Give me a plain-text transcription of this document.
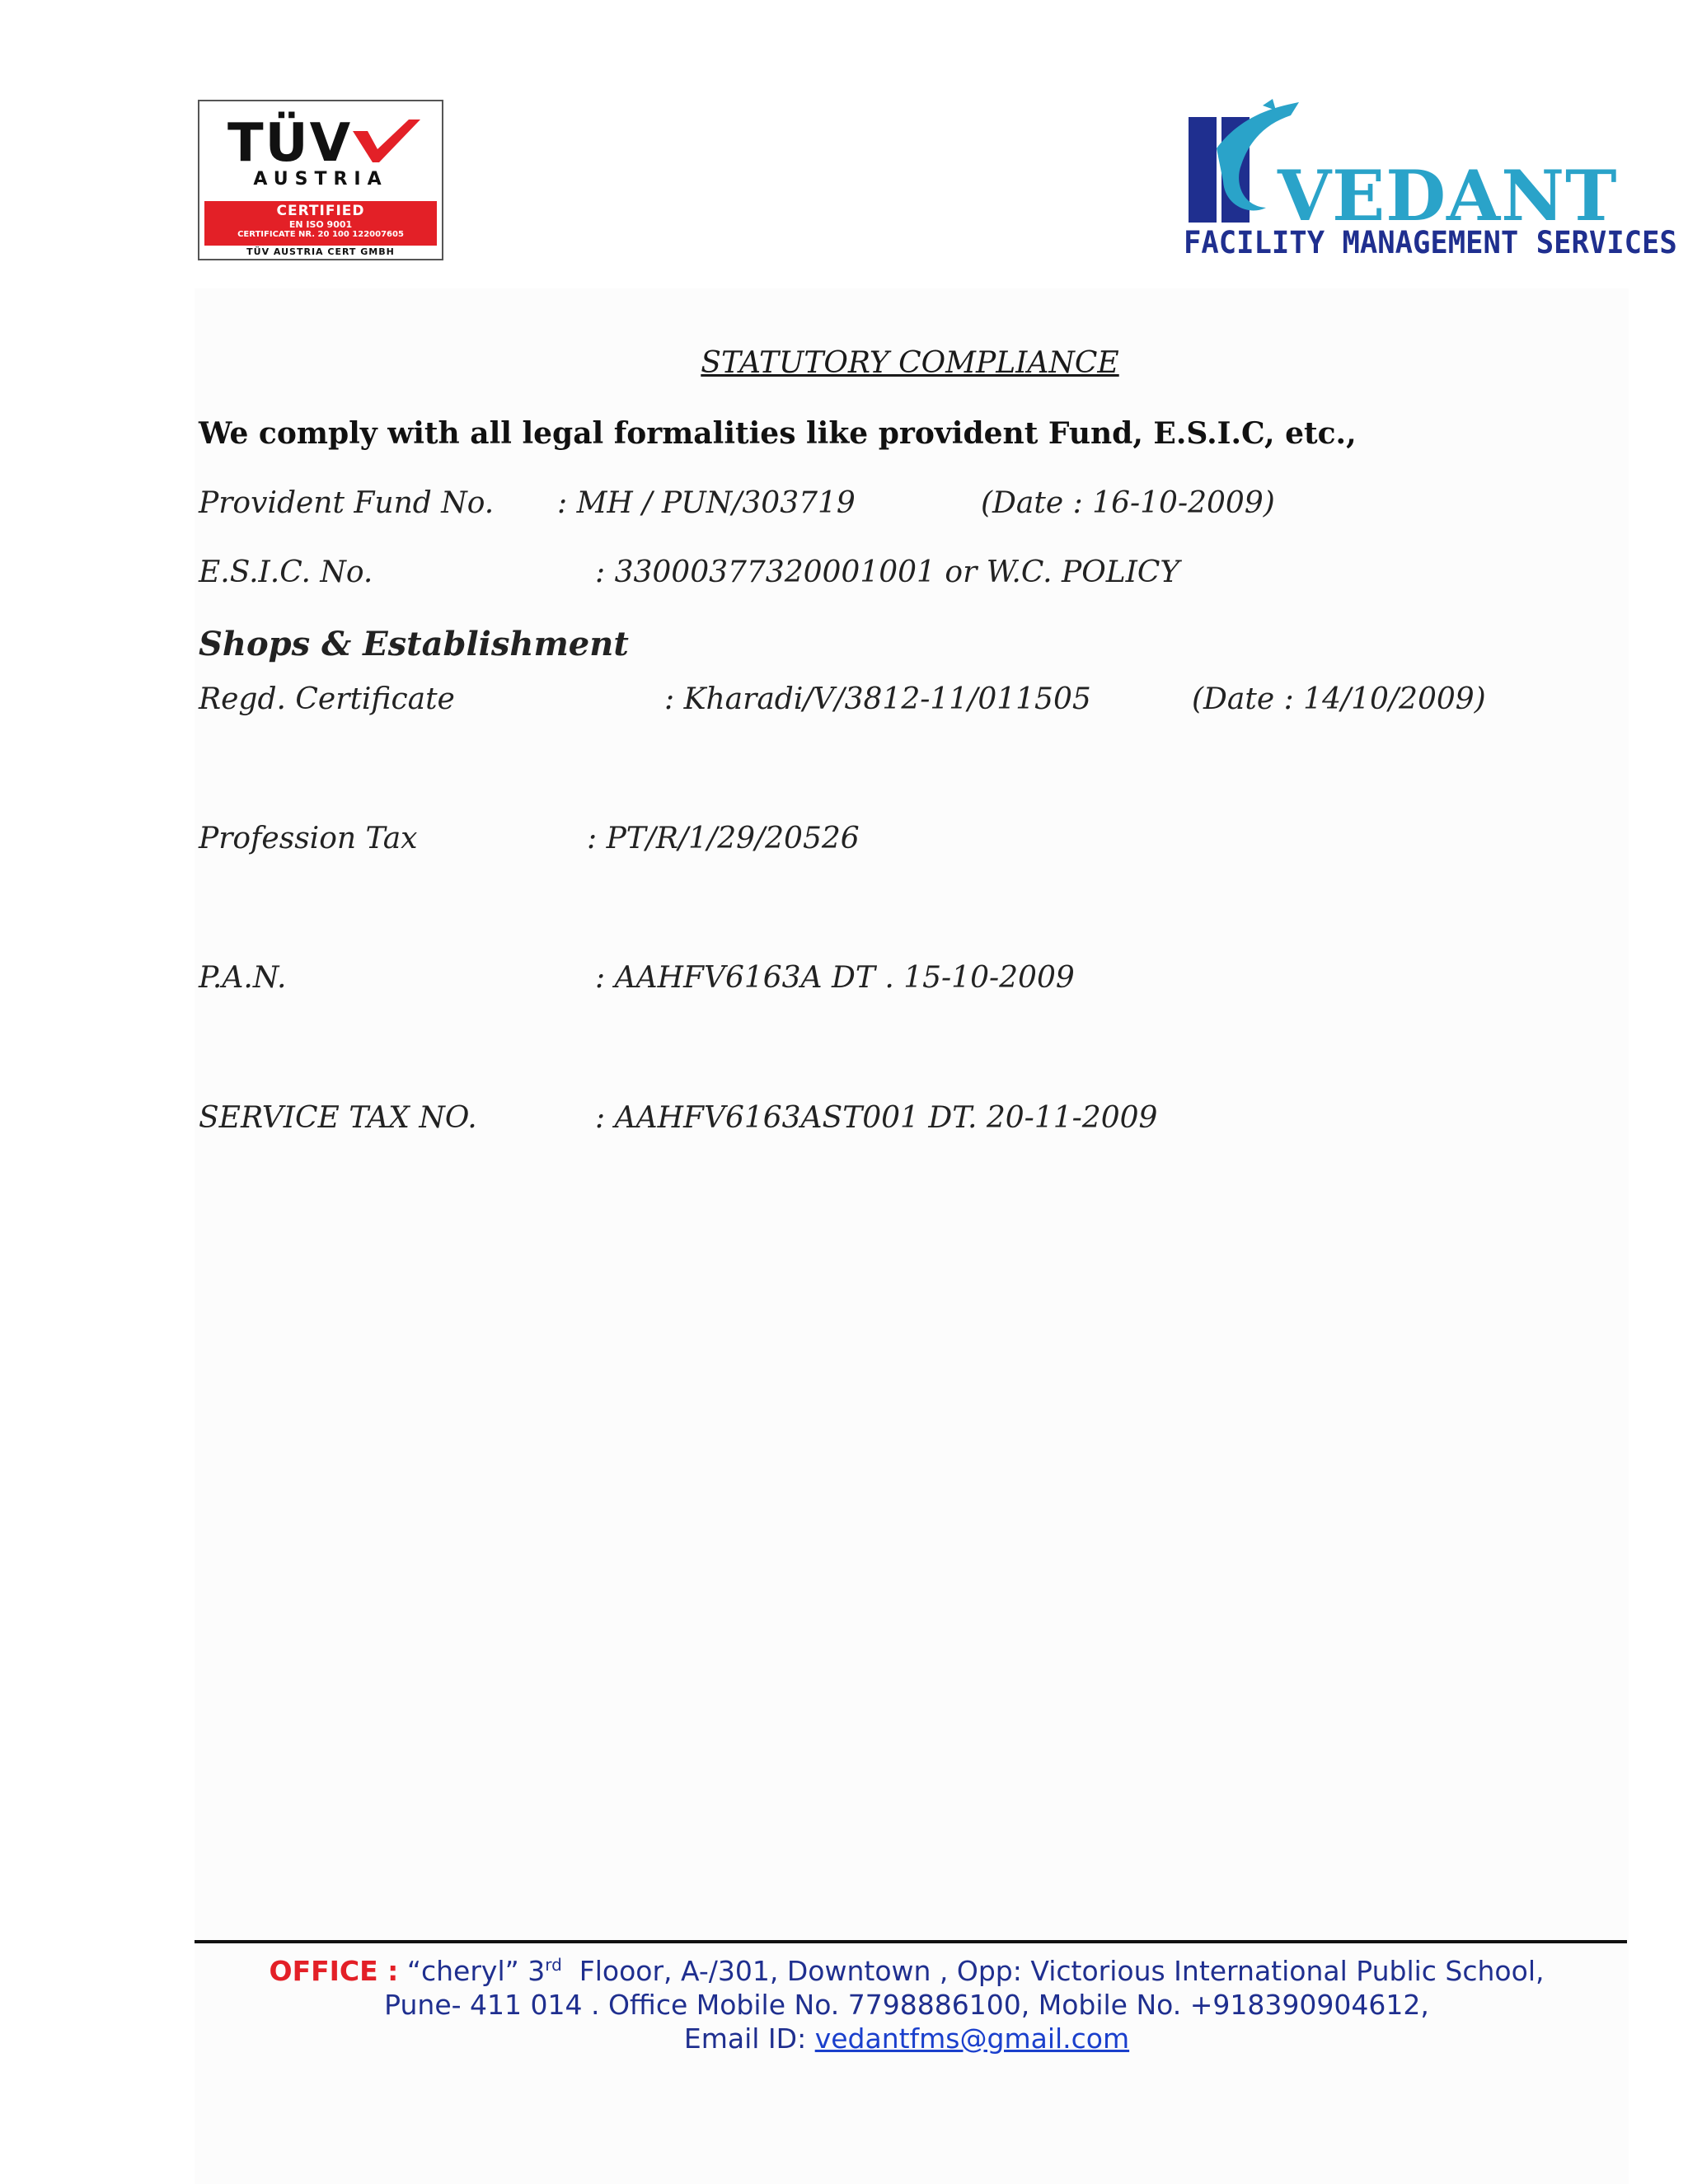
TÜV
AUSTRIA
CERTIFIED
EN ISO 9001
CERTIFICATE NR. 20 100 122007605
TÜV AUSTRIA CERT GMBH
VEDANT
FACILITY MANAGEMENT SERVICES
STATUTORY COMPLIANCE
We comply with all legal formalities like provident Fund, E.S.I.C, etc.,
Provident Fund No. : MH / PUN/303719	(Date : 16-10-2009)
E.S.I.C. No.	: 33000377320001001 or W.C. POLICY
Shops & Establishment
Regd. Certificate	: Kharadi/V/3812-11/011505	(Date : 14/10/2009)
Profession Tax	: PT/R/1/29/20526
P.A.N.	: AAHFV6163A DT . 15-10-2009
SERVICE TAX NO.	: AAHFV6163AST001 DT. 20-11-2009
OFFICE : “cheryl” 3rd  Flooor, A-/301, Downtown , Opp: Victorious International Public School,
Pune- 411 014 . Office Mobile No. 7798886100, Mobile No. +918390904612,
Email ID: vedantfms@gmail.com
